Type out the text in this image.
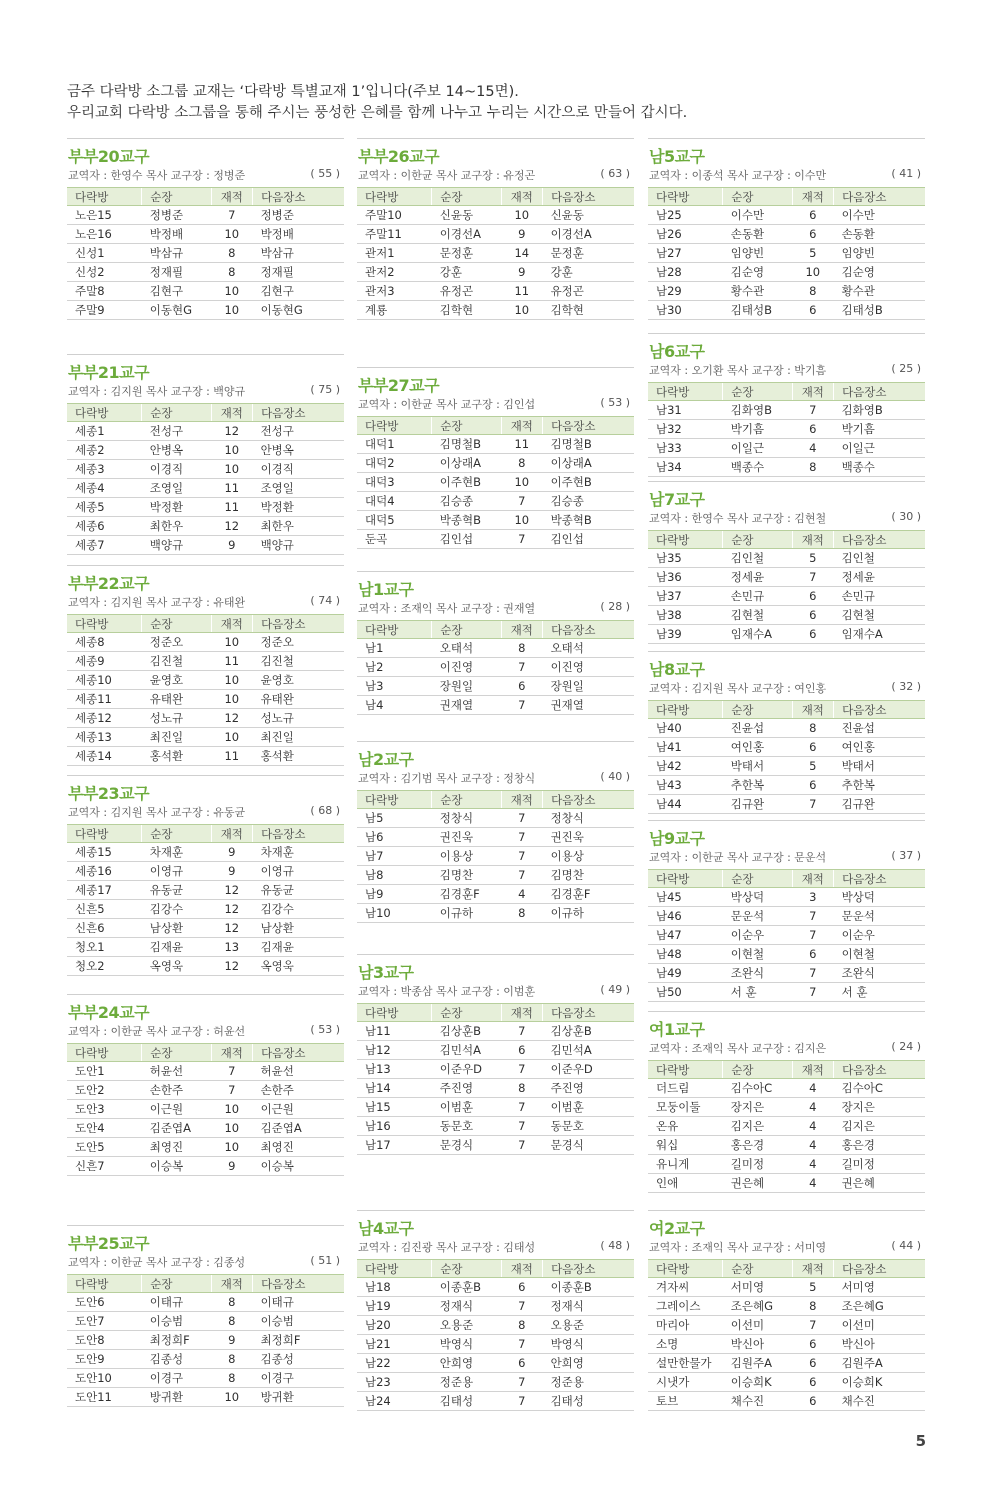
금주 다락방 소그룹 교재는 ‘다락방 특별교재 1’입니다(주보 14~15면).
우리교회 다락방 소그룹을 통해 주시는 풍성한 은혜를 함께 나누고 누리는 시간으로 만들어 갑시다.
부부20교구
교역자 : 한영수 목사 교구장 : 정병준	( 55 )
다락방	순장	재적	다음장소
노은15	정병준	7	정병준
노은16	박정배	10	박정배
신성1	박삼규	8	박삼규
신성2	정재필	8	정재필
주말8	김현구	10	김현구
주말9	이동현G	10	이동현G
부부21교구
교역자 : 김지원 목사 교구장 : 백양규	( 75 )
다락방	순장	재적	다음장소
세종1	전성구	12	전성구
세종2	안병옥	10	안병옥
세종3	이경직	10	이경직
세종4	조영일	11	조영일
세종5	박정환	11	박정환
세종6	최한우	12	최한우
세종7	백양규	9	백양규
부부22교구
교역자 : 김지원 목사 교구장 : 유태완	( 74 )
다락방	순장	재적	다음장소
세종8	정준오	10	정준오
세종9	김진철	11	김진철
세종10	윤영호	10	윤영호
세종11	유태완	10	유태완
세종12	성노규	12	성노규
세종13	최진일	10	최진일
세종14	홍석환	11	홍석환
부부23교구
교역자 : 김지원 목사 교구장 : 유동균	( 68 )
다락방	순장	재적	다음장소
세종15	차재훈	9	차재훈
세종16	이영규	9	이영규
세종17	유동균	12	유동균
신흔5	김강수	12	김강수
신흔6	남상환	12	남상환
청오1	김재윤	13	김재윤
청오2	옥영욱	12	옥영욱
부부24교구
교역자 : 이한균 목사 교구장 : 허윤선	( 53 )
다락방	순장	재적	다음장소
도안1	허윤선	7	허윤선
도안2	손한주	7	손한주
도안3	이근원	10	이근원
도안4	김준엽A	10	김준엽A
도안5	최영진	10	최영진
신흔7	이승복	9	이승복
부부25교구
교역자 : 이한균 목사 교구장 : 김종성	( 51 )
다락방	순장	재적	다음장소
도안6	이태규	8	이태규
도안7	이승범	8	이승범
도안8	최정희F	9	최정희F
도안9	김종성	8	김종성
도안10	이경구	8	이경구
도안11	방귀환	10	방귀환
부부26교구
교역자 : 이한균 목사 교구장 : 유정곤	( 63 )
다락방	순장	재적	다음장소
주말10	신윤동	10	신윤동
주말11	이경선A	9	이경선A
관저1	문정훈	14	문정훈
관저2	강훈	9	강훈
관저3	유정곤	11	유정곤
계룡	김학현	10	김학현
부부27교구
교역자 : 이한균 목사 교구장 : 김인섭	( 53 )
다락방	순장	재적	다음장소
대덕1	김명철B	11	김명철B
대덕2	이상래A	8	이상래A
대덕3	이주현B	10	이주현B
대덕4	김승종	7	김승종
대덕5	박종혁B	10	박종혁B
둔곡	김인섭	7	김인섭
남1교구
교역자 : 조재익 목사 교구장 : 권재열	( 28 )
다락방	순장	재적	다음장소
남1	오태석	8	오태석
남2	이진영	7	이진영
남3	장원일	6	장원일
남4	권재열	7	권재열
남2교구
교역자 : 김기범 목사 교구장 : 정창식	( 40 )
다락방	순장	재적	다음장소
남5	정창식	7	정창식
남6	권진욱	7	권진욱
남7	이용상	7	이용상
남8	김명찬	7	김명찬
남9	김경훈F	4	김경훈F
남10	이규하	8	이규하
남3교구
교역자 : 박종삼 목사 교구장 : 이범훈	( 49 )
다락방	순장	재적	다음장소
남11	김상훈B	7	김상훈B
남12	김민석A	6	김민석A
남13	이준우D	7	이준우D
남14	주진영	8	주진영
남15	이범훈	7	이범훈
남16	동문호	7	동문호
남17	문경식	7	문경식
남4교구
교역자 : 김진광 목사 교구장 : 김태성	( 48 )
다락방	순장	재적	다음장소
남18	이종훈B	6	이종훈B
남19	정재식	7	정재식
남20	오용준	8	오용준
남21	박영식	7	박영식
남22	안희영	6	안희영
남23	정준용	7	정준용
남24	김태성	7	김태성
남5교구
교역자 : 이종석 목사 교구장 : 이수만	( 41 )
다락방	순장	재적	다음장소
남25	이수만	6	이수만
남26	손동환	6	손동환
남27	임양빈	5	임양빈
남28	김순영	10	김순영
남29	황수관	8	황수관
남30	김태성B	6	김태성B
남6교구
교역자 : 오기환 목사 교구장 : 박기흠	( 25 )
다락방	순장	재적	다음장소
남31	김화영B	7	김화영B
남32	박기흠	6	박기흠
남33	이일근	4	이일근
남34	백종수	8	백종수
남7교구
교역자 : 한영수 목사 교구장 : 김현철	( 30 )
다락방	순장	재적	다음장소
남35	김인철	5	김인철
남36	정세윤	7	정세윤
남37	손민규	6	손민규
남38	김현철	6	김현철
남39	임재수A	6	임재수A
남8교구
교역자 : 김지원 목사 교구장 : 여인홍	( 32 )
다락방	순장	재적	다음장소
남40	진윤섭	8	진윤섭
남41	여인홍	6	여인홍
남42	박태서	5	박태서
남43	추한복	6	추한복
남44	김규완	7	김규완
남9교구
교역자 : 이한균 목사 교구장 : 문운석	( 37 )
다락방	순장	재적	다음장소
남45	박상덕	3	박상덕
남46	문운석	7	문운석
남47	이순우	7	이순우
남48	이현철	6	이현철
남49	조완식	7	조완식
남50	서 훈	7	서 훈
여1교구
교역자 : 조재익 목사 교구장 : 김지은	( 24 )
다락방	순장	재적	다음장소
더드림	김수아C	4	김수아C
모둥이둘	장지은	4	장지은
온유	김지은	4	김지은
워십	홍은경	4	홍은경
유니게	길미정	4	길미정
인애	권은혜	4	권은혜
여2교구
교역자 : 조재익 목사 교구장 : 서미영	( 44 )
다락방	순장	재적	다음장소
겨자씨	서미영	5	서미영
그레이스	조은혜G	8	조은혜G
마리아	이선미	7	이선미
소명	박신아	6	박신아
설만한물가	김원주A	6	김원주A
시냇가	이승희K	6	이승희K
토브	채수진	6	채수진
5
